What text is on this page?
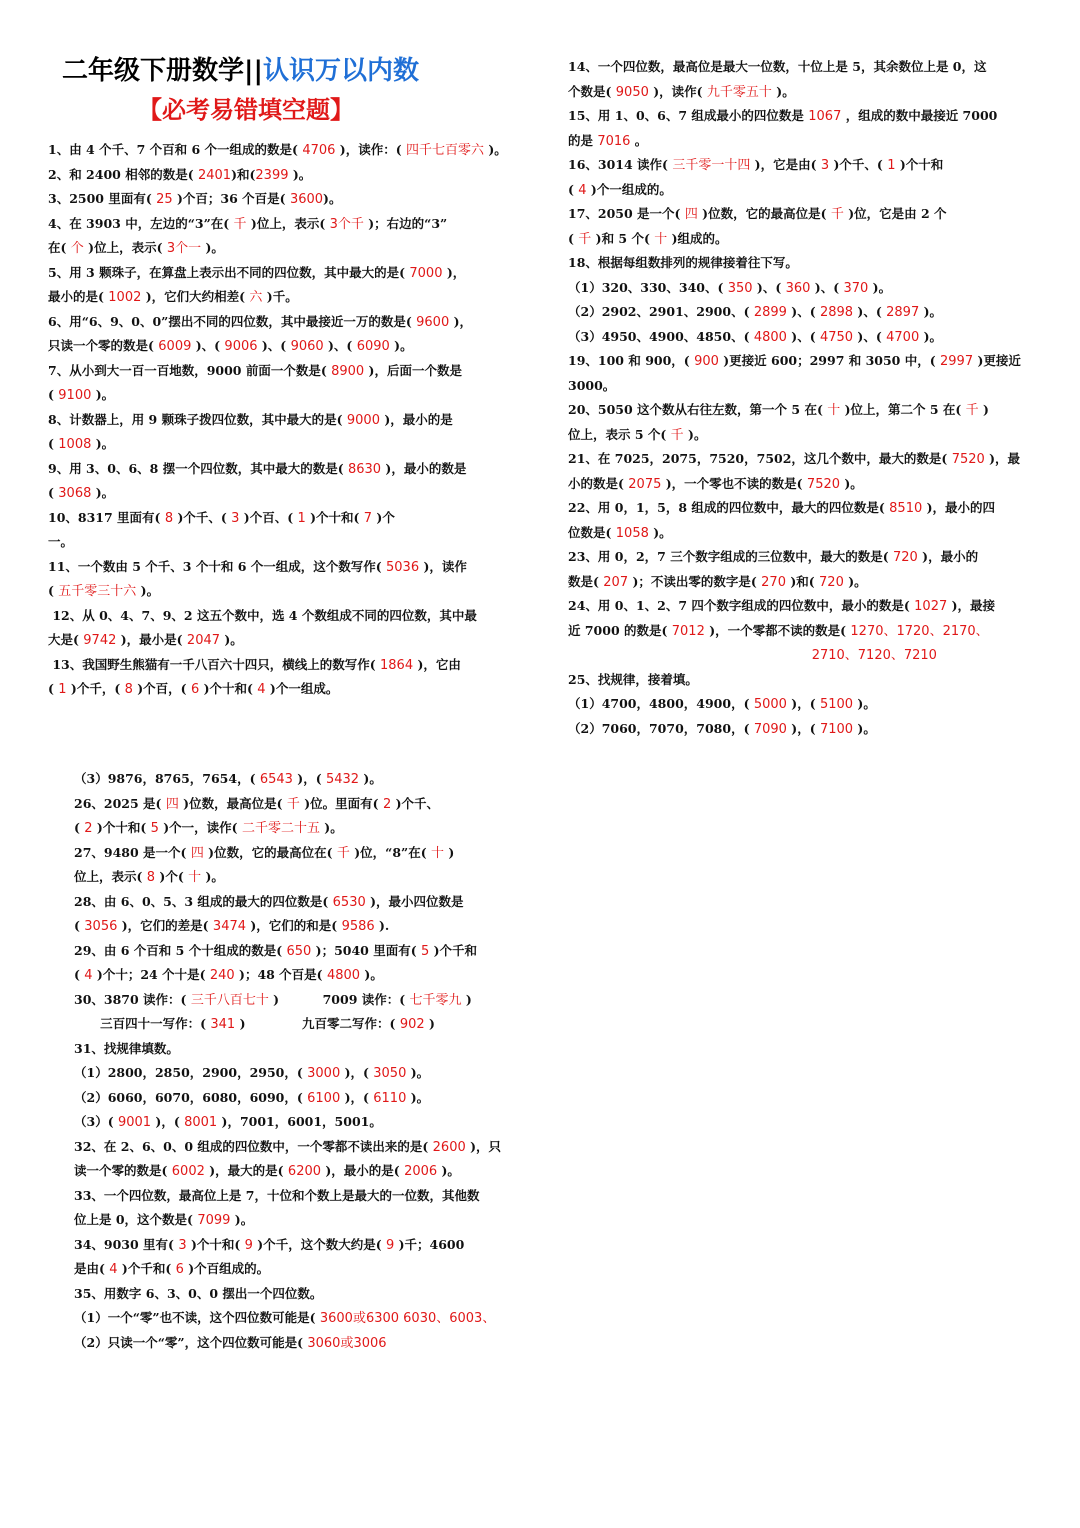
二年级下册数学||认识万以内数
【必考易错填空题】
1、由 4 个千、7 个百和 6 个一组成的数是( 4706 )，读作：( 四千七百零六 )。
2、和 2400 相邻的数是( 2401)和(2399 )。
3、2500 里面有( 25 )个百；36 个百是( 3600)。
4、在 3903 中，左边的“3”在( 千 )位上，表示( 3个千 )；右边的“3”
在( 个 )位上，表示( 3个一 )。
5、用 3 颗珠子，在算盘上表示出不同的四位数，其中最大的是( 7000 )，
最小的是( 1002 )，它们大约相差( 六 )千。
6、用“6、9、0、0”摆出不同的四位数，其中最接近一万的数是( 9600 )，
只读一个零的数是( 6009 )、( 9006 )、( 9060 )、( 6090 )。
7、从小到大一百一百地数，9000 前面一个数是( 8900 )，后面一个数是
( 9100 )。
8、计数器上，用 9 颗珠子拨四位数，其中最大的是( 9000 )，最小的是
( 1008 )。
9、用 3、0、6、8 摆一个四位数，其中最大的数是( 8630 )，最小的数是
( 3068 )。
10、8317 里面有( 8 )个千、( 3 )个百、( 1 )个十和( 7 )个
一。
11、一个数由 5 个千、3 个十和 6 个一组成，这个数写作( 5036 )，读作
( 五千零三十六 )。
12、从 0、4、7、9、2 这五个数中，选 4 个数组成不同的四位数，其中最
大是( 9742 )，最小是( 2047 )。
13、我国野生熊猫有一千八百六十四只，横线上的数写作( 1864 )，它由
( 1 )个千，( 8 )个百，( 6 )个十和( 4 )个一组成。
14、一个四位数，最高位是最大一位数，十位上是 5，其余数位上是 0，这
个数是( 9050 )，读作( 九千零五十 )。
15、用 1、0、6、7 组成最小的四位数是 1067 ，组成的数中最接近 7000
的是 7016 。
16、3014 读作( 三千零一十四 )，它是由( 3 )个千、( 1 )个十和
( 4 )个一组成的。
17、2050 是一个( 四 )位数，它的最高位是( 千 )位，它是由 2 个
( 千 )和 5 个( 十 )组成的。
18、根据每组数排列的规律接着往下写。
（1）320、330、340、( 350 )、( 360 )、( 370 )。
（2）2902、2901、2900、( 2899 )、( 2898 )、( 2897 )。
（3）4950、4900、4850、( 4800 )、( 4750 )、( 4700 )。
19、100 和 900，( 900 )更接近 600；2997 和 3050 中，( 2997 )更接近
3000。
20、5050 这个数从右往左数，第一个 5 在( 十 )位上，第二个 5 在( 千 )
位上，表示 5 个( 千 )。
21、在 7025，2075，7520，7502，这几个数中，最大的数是( 7520 )，最
小的数是( 2075 )，一个零也不读的数是( 7520 )。
22、用 0，1，5，8 组成的四位数中，最大的四位数是( 8510 )，最小的四
位数是( 1058 )。
23、用 0，2，7 三个数字组成的三位数中，最大的数是( 720 )，最小的
数是( 207 )；不读出零的数字是( 270 )和( 720 )。
24、用 0、1、2、7 四个数字组成的四位数中，最小的数是( 1027 )，最接
近 7000 的数是( 7012 )，一个零都不读的数是( 1270、1720、2170、
2710、7120、7210
25、找规律，接着填。
（1）4700，4800，4900，( 5000 )，( 5100 )。
（2）7060，7070，7080，( 7090 )，( 7100 )。
（3）9876，8765，7654，( 6543 )，( 5432 )。
26、2025 是( 四 )位数，最高位是( 千 )位。里面有( 2 )个千、
( 2 )个十和( 5 )个一，读作( 二千零二十五 )。
27、9480 是一个( 四 )位数，它的最高位在( 千 )位，“8”在( 十 )
位上，表示( 8 )个( 十 )。
28、由 6、0、5、3 组成的最大的四位数是( 6530 )，最小四位数是
( 3056 )，它们的差是( 3474 )，它们的和是( 9586 ).
29、由 6 个百和 5 个十组成的数是( 650 )；5040 里面有( 5 )个千和
( 4 )个十；24 个十是( 240 )；48 个百是( 4800 )。
30、3870 读作：( 三千八百七十 )          7009 读作：( 七千零九 )
三百四十一写作：( 341 )             九百零二写作：( 902 )
31、找规律填数。
（1）2800，2850，2900，2950，( 3000 )，( 3050 )。
（2）6060，6070，6080，6090，( 6100 )，( 6110 )。
（3）( 9001 )，( 8001 )，7001，6001，5001。
32、在 2、6、0、0 组成的四位数中，一个零都不读出来的是( 2600 )，只
读一个零的数是( 6002 )，最大的是( 6200 )，最小的是( 2006 )。
33、一个四位数，最高位上是 7，十位和个数上是最大的一位数，其他数
位上是 0，这个数是( 7099 )。
34、9030 里有( 3 )个十和( 9 )个千，这个数大约是( 9 )千；4600
是由( 4 )个千和( 6 )个百组成的。
35、用数字 6、3、0、0 摆出一个四位数。
（1）一个“零”也不读，这个四位数可能是( 3600或6300 6030、6003、
（2）只读一个“零”，这个四位数可能是( 3060或3006
